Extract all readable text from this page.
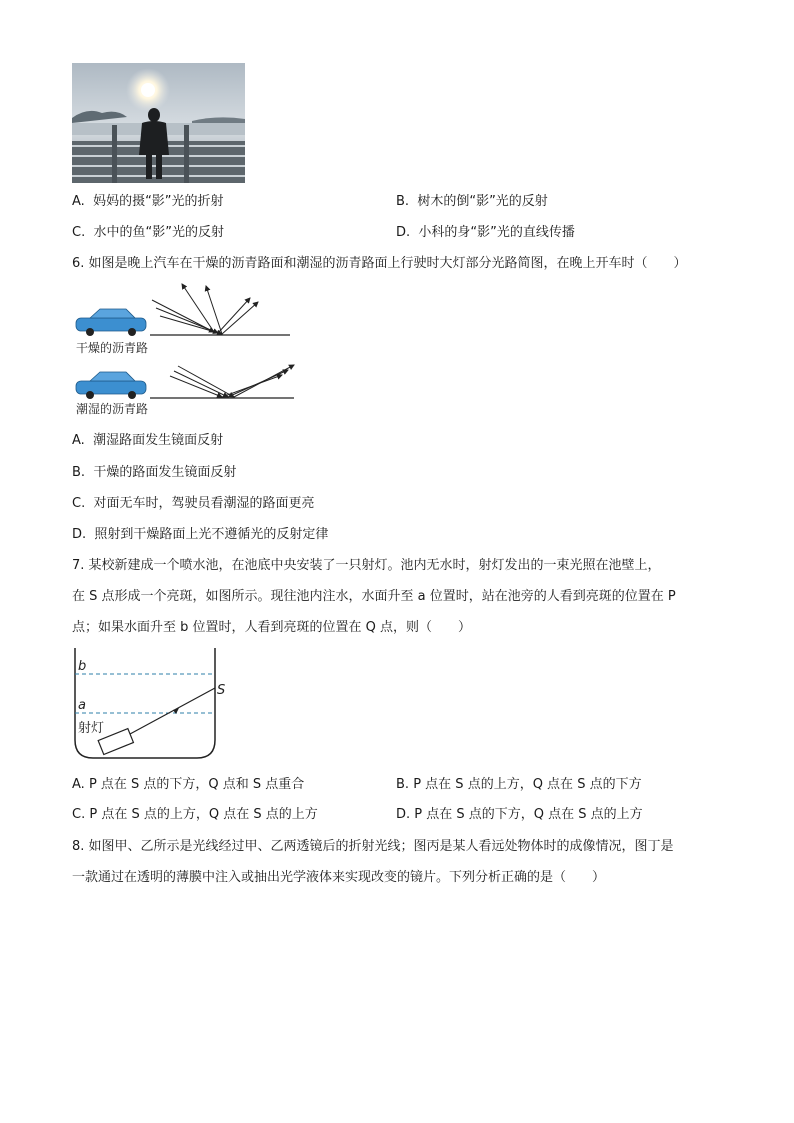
A. 妈妈的摄“影”光的折射	B. 树木的倒“影”光的反射
C. 水中的鱼“影”光的反射	D. 小科的身“影”光的直线传播
6. 如图是晚上汽车在干燥的沥青路面和潮湿的沥青路面上行驶时大灯部分光路简图，在晚上开车时（　　）
干燥的沥青路
潮湿的沥青路
A. 潮湿路面发生镜面反射
B. 干燥的路面发生镜面反射
C. 对面无车时，驾驶员看潮湿的路面更亮
D. 照射到干燥路面上光不遵循光的反射定律
7. 某校新建成一个喷水池，在池底中央安装了一只射灯。池内无水时，射灯发出的一束光照在池壁上，
在 S 点形成一个亮斑，如图所示。现往池内注水，水面升至 a 位置时，站在池旁的人看到亮斑的位置在 P
点；如果水面升至 b 位置时，人看到亮斑的位置在 Q 点，则（　　）
b
a
S
射灯
A. P 点在 S 点的下方，Q 点和 S 点重合	B. P 点在 S 点的上方，Q 点在 S 点的下方
C. P 点在 S 点的上方，Q 点在 S 点的上方	D. P 点在 S 点的下方，Q 点在 S 点的上方
8. 如图甲、乙所示是光线经过甲、乙两透镜后的折射光线；图丙是某人看远处物体时的成像情况，图丁是
一款通过在透明的薄膜中注入或抽出光学液体来实现改变的镜片。下列分析正确的是（　　）
